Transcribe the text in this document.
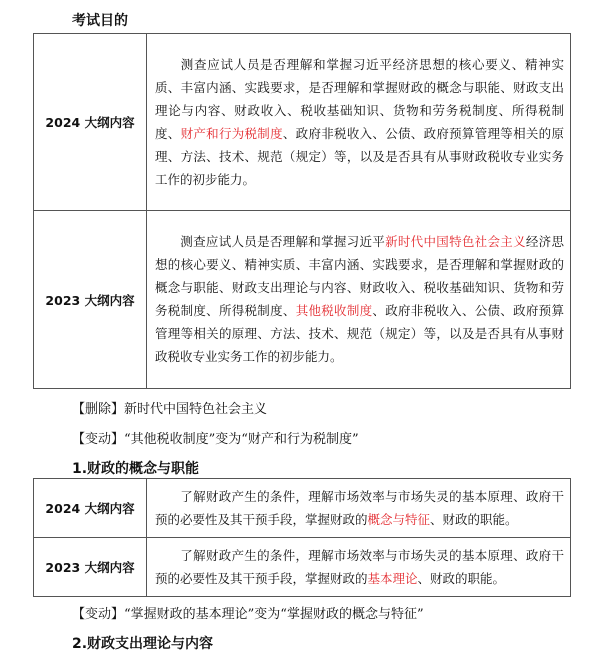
考试目的
2024 大纲内容	测查应试人员是否理解和掌握习近平经济思想的核心要义、精神实质、丰富内涵、实践要求，是否理解和掌握财政的概念与职能、财政支出理论与内容、财政收入、税收基础知识、货物和劳务税制度、所得税制度、财产和行为税制度、政府非税收入、公债、政府预算管理等相关的原理、方法、技术、规范（规定）等，以及是否具有从事财政税收专业实务工作的初步能力。
2023 大纲内容	测查应试人员是否理解和掌握习近平新时代中国特色社会主义经济思想的核心要义、精神实质、丰富内涵、实践要求，是否理解和掌握财政的概念与职能、财政支出理论与内容、财政收入、税收基础知识、货物和劳务税制度、所得税制度、其他税收制度、政府非税收入、公债、政府预算管理等相关的原理、方法、技术、规范（规定）等，以及是否具有从事财政税收专业实务工作的初步能力。
【删除】新时代中国特色社会主义
【变动】“其他税收制度”变为“财产和行为税制度”
1.财政的概念与职能
2024 大纲内容	了解财政产生的条件，理解市场效率与市场失灵的基本原理、政府干预的必要性及其干预手段，掌握财政的概念与特征、财政的职能。
2023 大纲内容	了解财政产生的条件，理解市场效率与市场失灵的基本原理、政府干预的必要性及其干预手段，掌握财政的基本理论、财政的职能。
【变动】“掌握财政的基本理论”变为“掌握财政的概念与特征”
2.财政支出理论与内容
